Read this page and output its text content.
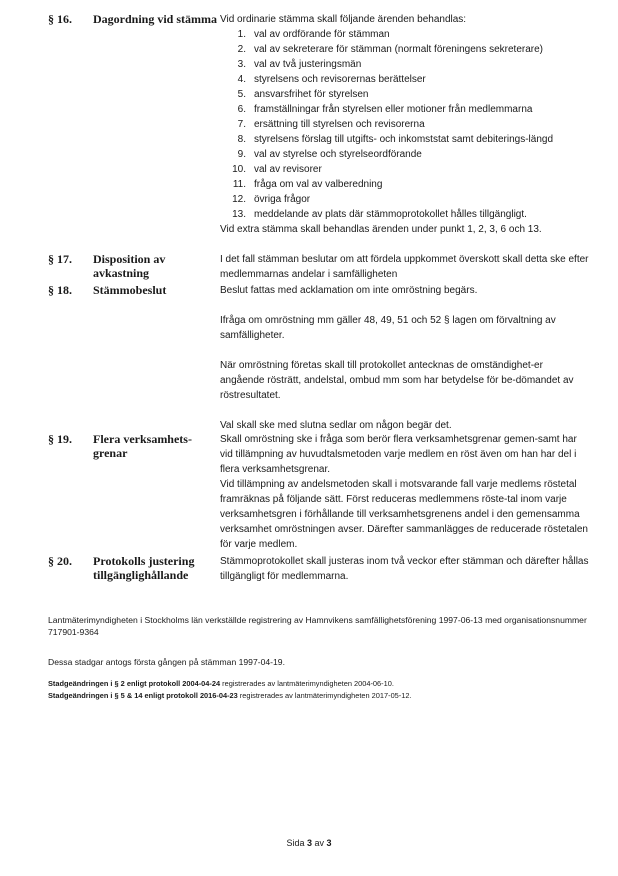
§ 16. Dagordning vid stämma Vid ordinarie stämma skall följande ärenden behandlas:

1. val av ordförande för stämman
2. val av sekreterare för stämman (normalt föreningens sekreterare)
3. val av två justeringsmän
4. styrelsens och revisorernas berättelser
5. ansvarsfrihet för styrelsen
6. framställningar från styrelsen eller motioner från medlemmarna
7. ersättning till styrelsen och revisorerna
8. styrelsens förslag till utgifts- och inkomststat samt debiterings-längd
9. val av styrelse och styrelseordförande
10. val av revisorer
11. fråga om val av valberedning
12. övriga frågor
13. meddelande av plats där stämmoprotokollet hålles tillgängligt.

Vid extra stämma skall behandlas ärenden under punkt 1, 2, 3, 6 och 13.

§ 17. Disposition av avkastning

I det fall stämman beslutar om att fördela uppkommet överskott skall detta ske efter medlemmarnas andelar i samfälligheten

§ 18. Stämmobeslut	Beslut fattas med acklamation om inte omröstning begärs.

Ifråga om omröstning mm gäller 48, 49, 51 och 52 § lagen om förvaltning av samfälligheter.

När omröstning företas skall till protokollet antecknas de omständighet-er angående rösträtt, andelstal, ombud mm som har betydelse för be-dömandet av röstresultatet.

Val skall ske med slutna sedlar om någon begär det.

§ 19. Flera verksamhets-grenar

Skall omröstning ske i fråga som berör flera verksamhetsgrenar gemen-samt har vid tillämpning av huvudtalsmetoden varje medlem en röst även om han har del i flera verksamhetsgrenar.

Vid tillämpning av andelsmetoden skall i motsvarande fall varje medlems röstetal framräknas på följande sätt. Först reduceras medlemmens röste-tal inom varje verksamhetsgren i förhållande till verksamhetsgrenens andel i den gemensamma verksamhet omröstningen avser. Därefter sammanlägges de reducerade röstetalen för varje medlem.

§ 20. Protokolls justering tillgänglighållande

Stämmoprotokollet skall justeras inom två veckor efter stämman och därefter hållas tillgängligt för medlemmarna.

Lantmäterimyndigheten i Stockholms län verkställde registrering av Hamnvikens samfällighetsförening 1997-06-13 med organisationsnummer 717901-9364
Dessa stadgar antogs första gången på stämman 1997-04-19.
Stadgeändringen i § 2 enligt protokoll 2004-04-24 registrerades av lantmäterimyndigheten 2004-06-10.
Stadgeändringen i § 5 & 14 enligt protokoll 2016-04-23 registrerades av lantmäterimyndigheten 2017-05-12.
Sida 3 av 3
